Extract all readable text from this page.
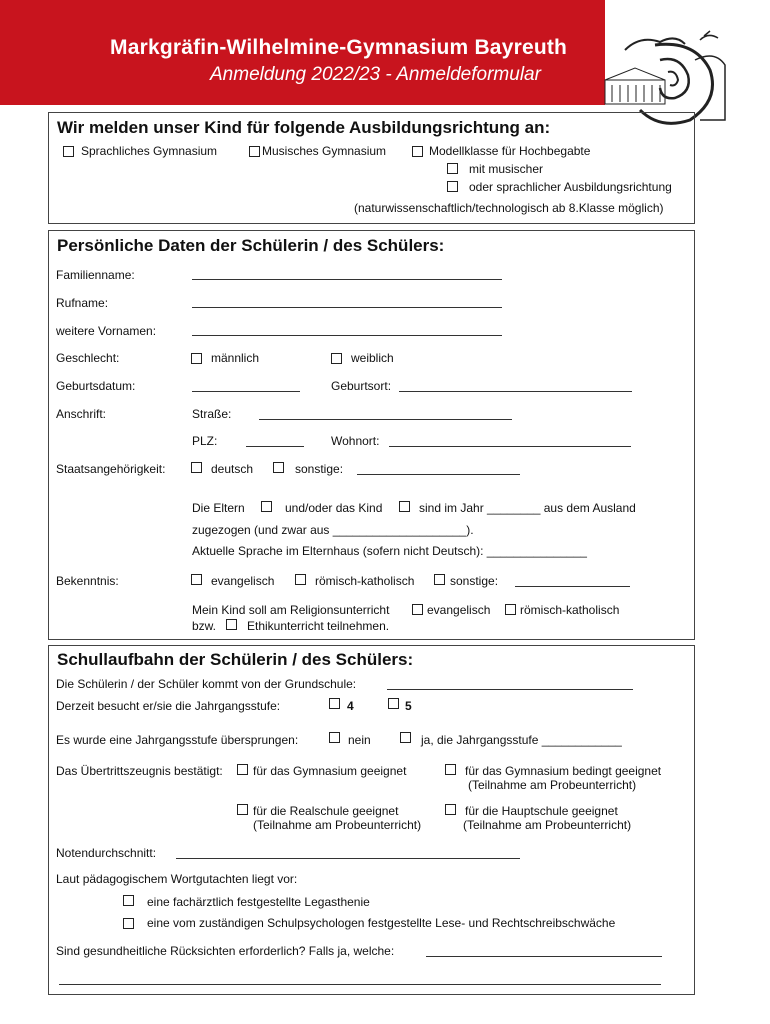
Markgräfin-Wilhelmine-Gymnasium Bayreuth
Anmeldung 2022/23 - Anmeldeformular
Wir melden unser Kind für folgende Ausbildungsrichtung an:
Sprachliches Gymnasium	Musisches Gymnasium	Modellklasse für Hochbegabte
mit musischer
oder sprachlicher Ausbildungsrichtung
(naturwissenschaftlich/technologisch ab 8.Klasse möglich)
Persönliche Daten der Schülerin / des Schülers:
Familienname:
Rufname:
weitere Vornamen:
Geschlecht:	männlich	weiblich
Geburtsdatum:	Geburtsort:
Anschrift:	Straße:
PLZ:	Wohnort:
Staatsangehörigkeit:	deutsch	sonstige:
Die Eltern	und/oder das Kind	sind im Jahr ________ aus dem Ausland
zugezogen (und zwar aus ____________________).
Aktuelle Sprache im Elternhaus (sofern nicht Deutsch): _______________
Bekenntnis:	evangelisch	römisch-katholisch	sonstige:
Mein Kind soll am Religionsunterricht	evangelisch römisch-katholisch
bzw.	Ethikunterricht teilnehmen.
Schullaufbahn der Schülerin / des Schülers:
Die Schülerin / der Schüler kommt von der Grundschule:
Derzeit besucht er/sie die Jahrgangsstufe:	4	5
Es wurde eine Jahrgangsstufe übersprungen:	nein	ja, die Jahrgangsstufe ____________
Das Übertrittszeugnis bestätigt:	für das Gymnasium geeignet	für das Gymnasium bedingt geeignet
(Teilnahme am Probeunterricht)
für die Realschule geeignet
(Teilnahme am Probeunterricht)
für die Hauptschule geeignet
(Teilnahme am Probeunterricht)
Notendurchschnitt:
Laut pädagogischem Wortgutachten liegt vor:
eine fachärztlich festgestellte Legasthenie
eine vom zuständigen Schulpsychologen festgestellte Lese- und Rechtschreibschwäche
Sind gesundheitliche Rücksichten erforderlich? Falls ja, welche:
